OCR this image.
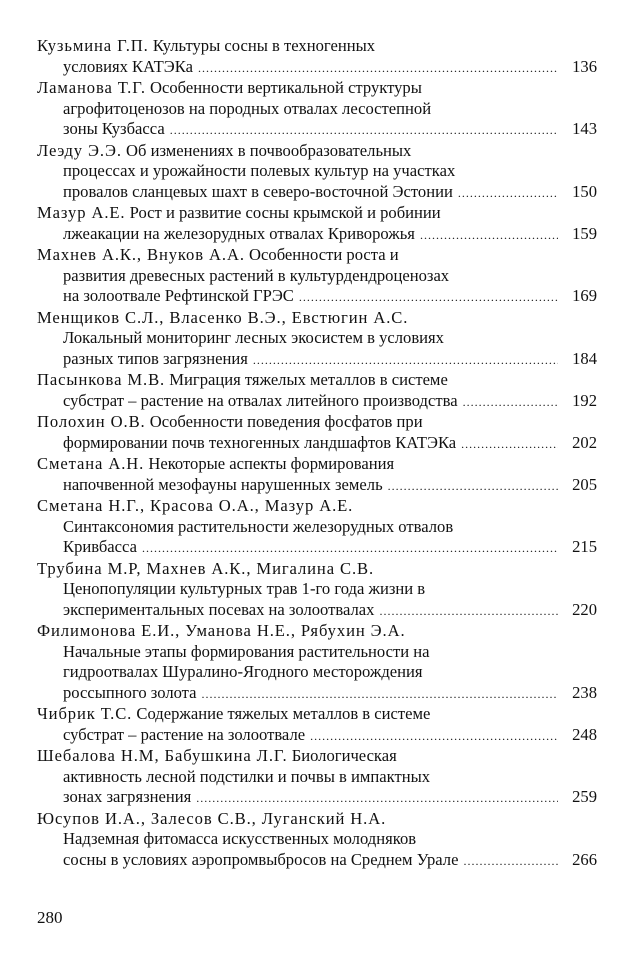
Кузьмина Г.П. Культуры сосны в техногенных
условиях КАТЭКа .....	136
Ламанова Т.Г. Особенности вертикальной структуры
агрофитоценозов на породных отвалах лесостепной
зоны Кузбасса .....	143
Леэду Э.Э. Об изменениях в почвообразовательных
процессах и урожайности полевых культур на участках
провалов сланцевых шахт в северо-восточной Эстонии .....	150
Мазур А.Е. Рост и развитие сосны крымской и робинии
лжеакации на железорудных отвалах Криворожья .....	159
Махнев А.К., Внуков А.А. Особенности роста и
развития древесных растений в культурдендроценозах
на золоотвале Рефтинской ГРЭС .....	169
Менщиков С.Л., Власенко В.Э., Евстюгин А.С.
Локальный мониторинг лесных экосистем в условиях
разных типов загрязнения .....	184
Пасынкова М.В. Миграция тяжелых металлов в системе
субстрат – растение на отвалах литейного производства .....	192
Полохин О.В. Особенности поведения фосфатов при
формировании почв техногенных ландшафтов КАТЭКа .....	202
Сметана А.Н. Некоторые аспекты формирования
напочвенной мезофауны нарушенных земель .....	205
Сметана Н.Г., Красова О.А., Мазур А.Е.
Синтаксономия растительности железорудных отвалов
Кривбасса .....	215
Трубина М.Р, Махнев А.К., Мигалина С.В.
Ценопопуляции культурных трав 1-го года жизни в
экспериментальных посевах на золоотвалах .....	220
Филимонова Е.И., Уманова Н.Е., Рябухин Э.А.
Начальные этапы формирования растительности на
гидроотвалах Шуралино-Ягодного месторождения
россыпного золота .....	238
Чибрик Т.С. Содержание тяжелых металлов в системе
субстрат – растение на золоотвале .....	248
Шебалова Н.М, Бабушкина Л.Г. Биологическая
активность лесной подстилки и почвы в импактных
зонах загрязнения .....	259
Юсупов И.А., Залесов С.В., Луганский Н.А.
Надземная фитомасса искусственных молодняков
сосны в условиях аэропромвыбросов на Среднем Урале .....	266
280
